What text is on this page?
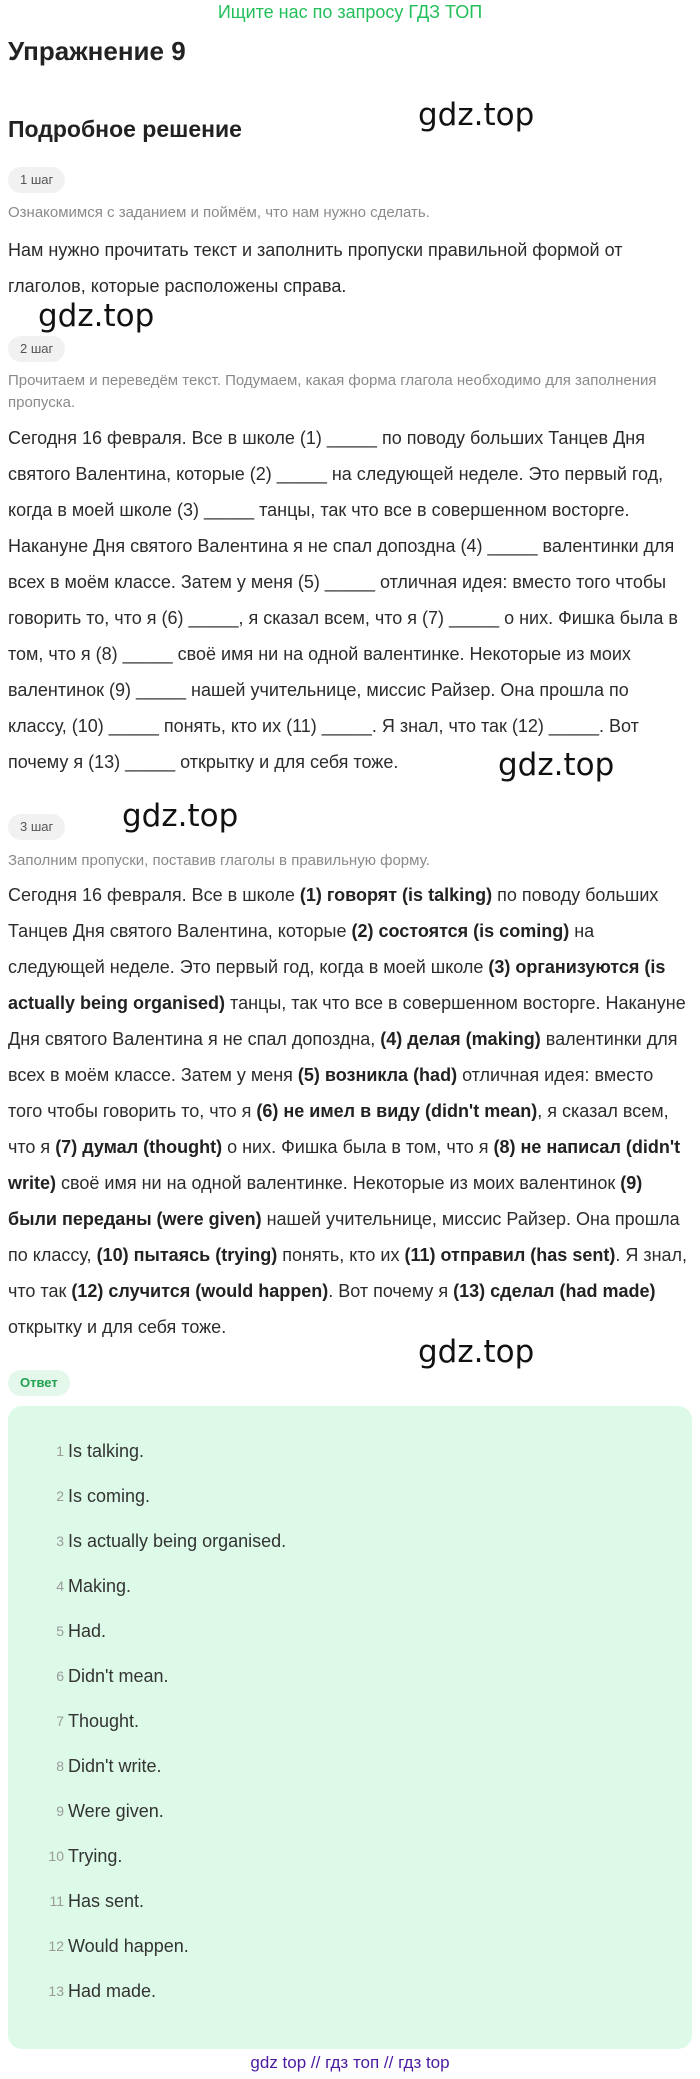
Ищите нас по запросу ГДЗ ТОП
Упражнение 9
Подробное решение	gdz.top
gdz.top
gdz.top
gdz.top
gdz.top
1 шаг

Ознакомимся с заданием и поймём, что нам нужно сделать.

Нам нужно прочитать текст и заполнить пропуски правильной формой от глаголов, которые расположены справа.

2 шаг

Прочитаем и переведём текст. Подумаем, какая форма глагола необходимо для заполнения пропуска.

Сегодня 16 февраля. Все в школе (1) _____ по поводу больших Танцев Дня святого Валентина, которые (2) _____ на следующей неделе. Это первый год, когда в моей школе (3) _____ танцы, так что все в совершенном восторге. Накануне Дня святого Валентина я не спал допоздна (4) _____ валентинки для всех в моём классе. Затем у меня (5) _____ отличная идея: вместо того чтобы говорить то, что я (6) _____, я сказал всем, что я (7) _____ о них. Фишка была в том, что я (8) _____ своё имя ни на одной валентинке. Некоторые из моих валентинок (9) _____ нашей учительнице, миссис Райзер. Она прошла по классу, (10) _____ понять, кто их (11) _____. Я знал, что так (12) _____. Вот почему я (13) _____ открытку и для себя тоже.

3 шаг

Заполним пропуски, поставив глаголы в правильную форму.

Сегодня 16 февраля. Все в школе (1) говорят (is talking) по поводу больших Танцев Дня святого Валентина, которые (2) состоятся (is coming) на следующей неделе. Это первый год, когда в моей школе (3) организуются (is actually being organised) танцы, так что все в совершенном восторге. Накануне Дня святого Валентина я не спал допоздна, (4) делая (making) валентинки для всех в моём классе. Затем у меня (5) возникла (had) отличная идея: вместо того чтобы говорить то, что я (6) не имел в виду (didn't mean), я сказал всем, что я (7) думал (thought) о них. Фишка была в том, что я (8) не написал (didn't write) своё имя ни на одной валентинке. Некоторые из моих валентинок (9) были переданы (were given) нашей учительнице, миссис Райзер. Она прошла по классу, (10) пытаясь (trying) понять, кто их (11) отправил (has sent). Я знал, что так (12) случится (would happen). Вот почему я (13) сделал (had made) открытку и для себя тоже.

Ответ
1 Is talking.
2 Is coming.
3 Is actually being organised.
4 Making.
5 Had.
6 Didn't mean.
7 Thought.
8 Didn't write.
9 Were given.
10 Trying.
11 Has sent.
12 Would happen.
13 Had made.
gdz top // гдз топ // гдз top
